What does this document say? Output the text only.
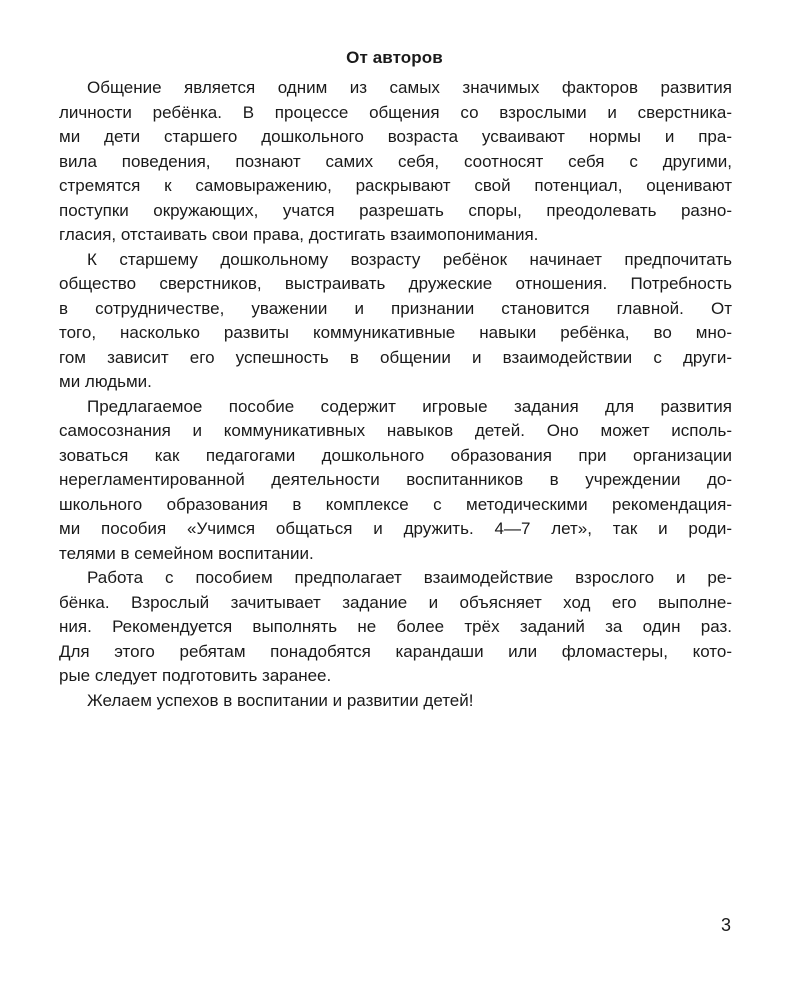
От авторов

Общение является одним из самых значимых факторов развития
личности ребёнка. В процессе общения со взрослыми и сверстника-
ми дети старшего дошкольного возраста усваивают нормы и пра-
вила поведения, познают самих себя, соотносят себя с другими,
стремятся к самовыражению, раскрывают свой потенциал, оценивают
поступки окружающих, учатся разрешать споры, преодолевать разно-
гласия, отстаивать свои права, достигать взаимопонимания.

К старшему дошкольному возрасту ребёнок начинает предпочитать
общество сверстников, выстраивать дружеские отношения. Потребность
в сотрудничестве, уважении и признании становится главной. От
того, насколько развиты коммуникативные навыки ребёнка, во мно-
гом зависит его успешность в общении и взаимодействии с други-
ми людьми.

Предлагаемое пособие содержит игровые задания для развития
самосознания и коммуникативных навыков детей. Оно может исполь-
зоваться как педагогами дошкольного образования при организации
нерегламентированной деятельности воспитанников в учреждении до-
школьного образования в комплексе с методическими рекомендация-
ми пособия «Учимся общаться и дружить. 4—7 лет», так и роди-
телями в семейном воспитании.

Работа с пособием предполагает взаимодействие взрослого и ре-
бёнка. Взрослый зачитывает задание и объясняет ход его выполне-
ния. Рекомендуется выполнять не более трёх заданий за один раз.
Для этого ребятам понадобятся карандаши или фломастеры, кото-
рые следует подготовить заранее.

Желаем успехов в воспитании и развитии детей!

3
